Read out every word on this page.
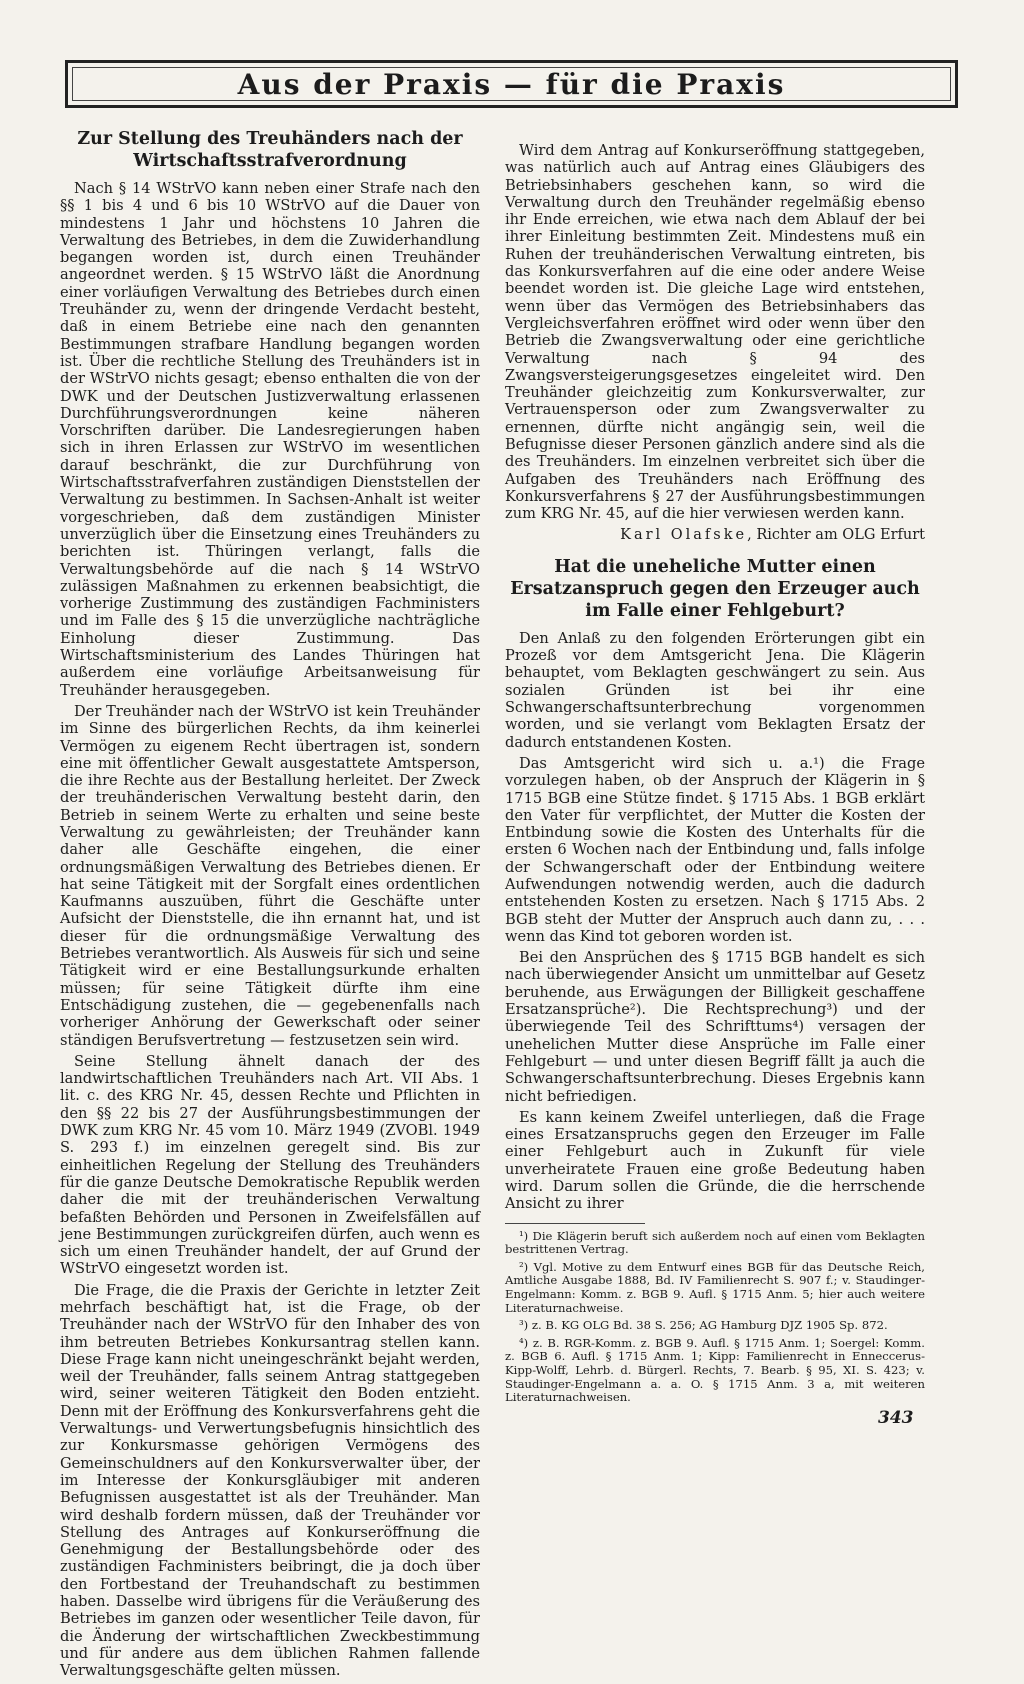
Aus der Praxis — für die Praxis
Zur Stellung des Treuhänders nach der Wirtschaftsstrafverordnung

Nach § 14 WStrVO kann neben einer Strafe nach den §§ 1 bis 4 und 6 bis 10 WStrVO auf die Dauer von mindestens 1 Jahr und höchstens 10 Jahren die Verwaltung des Betriebes, in dem die Zuwiderhandlung begangen worden ist, durch einen Treuhänder angeordnet werden. § 15 WStrVO läßt die Anordnung einer vorläufigen Verwaltung des Betriebes durch einen Treuhänder zu, wenn der dringende Verdacht besteht, daß in einem Betriebe eine nach den genannten Bestimmungen strafbare Handlung begangen worden ist. Über die rechtliche Stellung des Treuhänders ist in der WStrVO nichts gesagt; ebenso enthalten die von der DWK und der Deutschen Justizverwaltung erlassenen Durchführungsverordnungen keine näheren Vorschriften darüber. Die Landesregierungen haben sich in ihren Erlassen zur WStrVO im wesentlichen darauf beschränkt, die zur Durchführung von Wirtschaftsstrafverfahren zuständigen Dienststellen der Verwaltung zu bestimmen. In Sachsen-Anhalt ist weiter vorgeschrieben, daß dem zuständigen Minister unverzüglich über die Einsetzung eines Treuhänders zu berichten ist. Thüringen verlangt, falls die Verwaltungsbehörde auf die nach § 14 WStrVO zulässigen Maßnahmen zu erkennen beabsichtigt, die vorherige Zustimmung des zuständigen Fachministers und im Falle des § 15 die unverzügliche nachträgliche Einholung dieser Zustimmung. Das Wirtschaftsministerium des Landes Thüringen hat außerdem eine vorläufige Arbeitsanweisung für Treuhänder herausgegeben.

Der Treuhänder nach der WStrVO ist kein Treuhänder im Sinne des bürgerlichen Rechts, da ihm keinerlei Vermögen zu eigenem Recht übertragen ist, sondern eine mit öffentlicher Gewalt ausgestattete Amtsperson, die ihre Rechte aus der Bestallung herleitet. Der Zweck der treuhänderischen Verwaltung besteht darin, den Betrieb in seinem Werte zu erhalten und seine beste Verwaltung zu gewährleisten; der Treuhänder kann daher alle Geschäfte eingehen, die einer ordnungsmäßigen Verwaltung des Betriebes dienen. Er hat seine Tätigkeit mit der Sorgfalt eines ordentlichen Kaufmanns auszuüben, führt die Geschäfte unter Aufsicht der Dienststelle, die ihn ernannt hat, und ist dieser für die ordnungsmäßige Verwaltung des Betriebes verantwortlich. Als Ausweis für sich und seine Tätigkeit wird er eine Bestallungsurkunde erhalten müssen; für seine Tätigkeit dürfte ihm eine Entschädigung zustehen, die — gegebenenfalls nach vorheriger Anhörung der Gewerkschaft oder seiner ständigen Berufsvertretung — festzusetzen sein wird.

Seine Stellung ähnelt danach der des landwirtschaftlichen Treuhänders nach Art. VII Abs. 1 lit. c. des KRG Nr. 45, dessen Rechte und Pflichten in den §§ 22 bis 27 der Ausführungsbestimmungen der DWK zum KRG Nr. 45 vom 10. März 1949 (ZVOBl. 1949 S. 293 f.) im einzelnen geregelt sind. Bis zur einheitlichen Regelung der Stellung des Treuhänders für die ganze Deutsche Demokratische Republik werden daher die mit der treuhänderischen Verwaltung befaßten Behörden und Personen in Zweifelsfällen auf jene Bestimmungen zurückgreifen dürfen, auch wenn es sich um einen Treuhänder handelt, der auf Grund der WStrVO eingesetzt worden ist.

Die Frage, die die Praxis der Gerichte in letzter Zeit mehrfach beschäftigt hat, ist die Frage, ob der Treuhänder nach der WStrVO für den Inhaber des von ihm betreuten Betriebes Konkursantrag stellen kann. Diese Frage kann nicht uneingeschränkt bejaht werden, weil der Treuhänder, falls seinem Antrag stattgegeben wird, seiner weiteren Tätigkeit den Boden entzieht. Denn mit der Eröffnung des Konkursverfahrens geht die Verwaltungs- und Verwertungsbefugnis hinsichtlich des zur Konkursmasse gehörigen Vermögens des Gemeinschuldners auf den Konkursverwalter über, der im Interesse der Konkursgläubiger mit anderen Befugnissen ausgestattet ist als der Treuhänder. Man wird deshalb fordern müssen, daß der Treuhänder vor Stellung des Antrages auf Konkurseröffnung die Genehmigung der Bestallungsbehörde oder des zuständigen Fachministers beibringt, die ja doch über den Fortbestand der Treuhandschaft zu bestimmen haben. Dasselbe wird übrigens für die Veräußerung des Betriebes im ganzen oder wesentlicher Teile davon, für die Änderung der wirtschaftlichen Zweckbestimmung und für andere aus dem üblichen Rahmen fallende Verwaltungsgeschäfte gelten müssen.

Wird dem Antrag auf Konkurseröffnung stattgegeben, was natürlich auch auf Antrag eines Gläubigers des Betriebsinhabers geschehen kann, so wird die Verwaltung durch den Treuhänder regelmäßig ebenso ihr Ende erreichen, wie etwa nach dem Ablauf der bei ihrer Einleitung bestimmten Zeit. Mindestens muß ein Ruhen der treuhänderischen Verwaltung eintreten, bis das Konkursverfahren auf die eine oder andere Weise beendet worden ist. Die gleiche Lage wird entstehen, wenn über das Vermögen des Betriebsinhabers das Vergleichsverfahren eröffnet wird oder wenn über den Betrieb die Zwangsverwaltung oder eine gerichtliche Verwaltung nach § 94 des Zwangsversteigerungsgesetzes eingeleitet wird. Den Treuhänder gleichzeitig zum Konkursverwalter, zur Vertrauensperson oder zum Zwangsverwalter zu ernennen, dürfte nicht angängig sein, weil die Befugnisse dieser Personen gänzlich andere sind als die des Treuhänders. Im einzelnen verbreitet sich über die Aufgaben des Treuhänders nach Eröffnung des Konkursverfahrens § 27 der Ausführungsbestimmungen zum KRG Nr. 45, auf die hier verwiesen werden kann.

Karl Olafske, Richter am OLG Erfurt
Hat die uneheliche Mutter einen Ersatzanspruch gegen den Erzeuger auch im Falle einer Fehlgeburt?

Den Anlaß zu den folgenden Erörterungen gibt ein Prozeß vor dem Amtsgericht Jena. Die Klägerin behauptet, vom Beklagten geschwängert zu sein. Aus sozialen Gründen ist bei ihr eine Schwangerschaftsunterbrechung vorgenommen worden, und sie verlangt vom Beklagten Ersatz der dadurch entstandenen Kosten.

Das Amtsgericht wird sich u. a.¹) die Frage vorzulegen haben, ob der Anspruch der Klägerin in § 1715 BGB eine Stütze findet. § 1715 Abs. 1 BGB erklärt den Vater für verpflichtet, der Mutter die Kosten der Entbindung sowie die Kosten des Unterhalts für die ersten 6 Wochen nach der Entbindung und, falls infolge der Schwangerschaft oder der Entbindung weitere Aufwendungen notwendig werden, auch die dadurch entstehenden Kosten zu ersetzen. Nach § 1715 Abs. 2 BGB steht der Mutter der Anspruch auch dann zu, . . . wenn das Kind tot geboren worden ist.

Bei den Ansprüchen des § 1715 BGB handelt es sich nach überwiegender Ansicht um unmittelbar auf Gesetz beruhende, aus Erwägungen der Billigkeit geschaffene Ersatzansprüche²). Die Rechtsprechung³) und der überwiegende Teil des Schrifttums⁴) versagen der unehelichen Mutter diese Ansprüche im Falle einer Fehlgeburt — und unter diesen Begriff fällt ja auch die Schwangerschaftsunterbrechung. Dieses Ergebnis kann nicht befriedigen.

Es kann keinem Zweifel unterliegen, daß die Frage eines Ersatzanspruchs gegen den Erzeuger im Falle einer Fehlgeburt auch in Zukunft für viele unverheiratete Frauen eine große Bedeutung haben wird. Darum sollen die Gründe, die die herrschende Ansicht zu ihrer

¹) Die Klägerin beruft sich außerdem noch auf einen vom Beklagten bestrittenen Vertrag.

²) Vgl. Motive zu dem Entwurf eines BGB für das Deutsche Reich, Amtliche Ausgabe 1888, Bd. IV Familienrecht S. 907 f.; v. Staudinger-Engelmann: Komm. z. BGB 9. Aufl. § 1715 Anm. 5; hier auch weitere Literaturnachweise.

³) z. B. KG OLG Bd. 38 S. 256; AG Hamburg DJZ 1905 Sp. 872.

⁴) z. B. RGR-Komm. z. BGB 9. Aufl. § 1715 Anm. 1; Soergel: Komm. z. BGB 6. Aufl. § 1715 Anm. 1; Kipp: Familienrecht in Enneccerus-Kipp-Wolff, Lehrb. d. Bürgerl. Rechts, 7. Bearb. § 95, XI. S. 423; v. Staudinger-Engelmann a. a. O. § 1715 Anm. 3 a, mit weiteren Literaturnachweisen.

343
